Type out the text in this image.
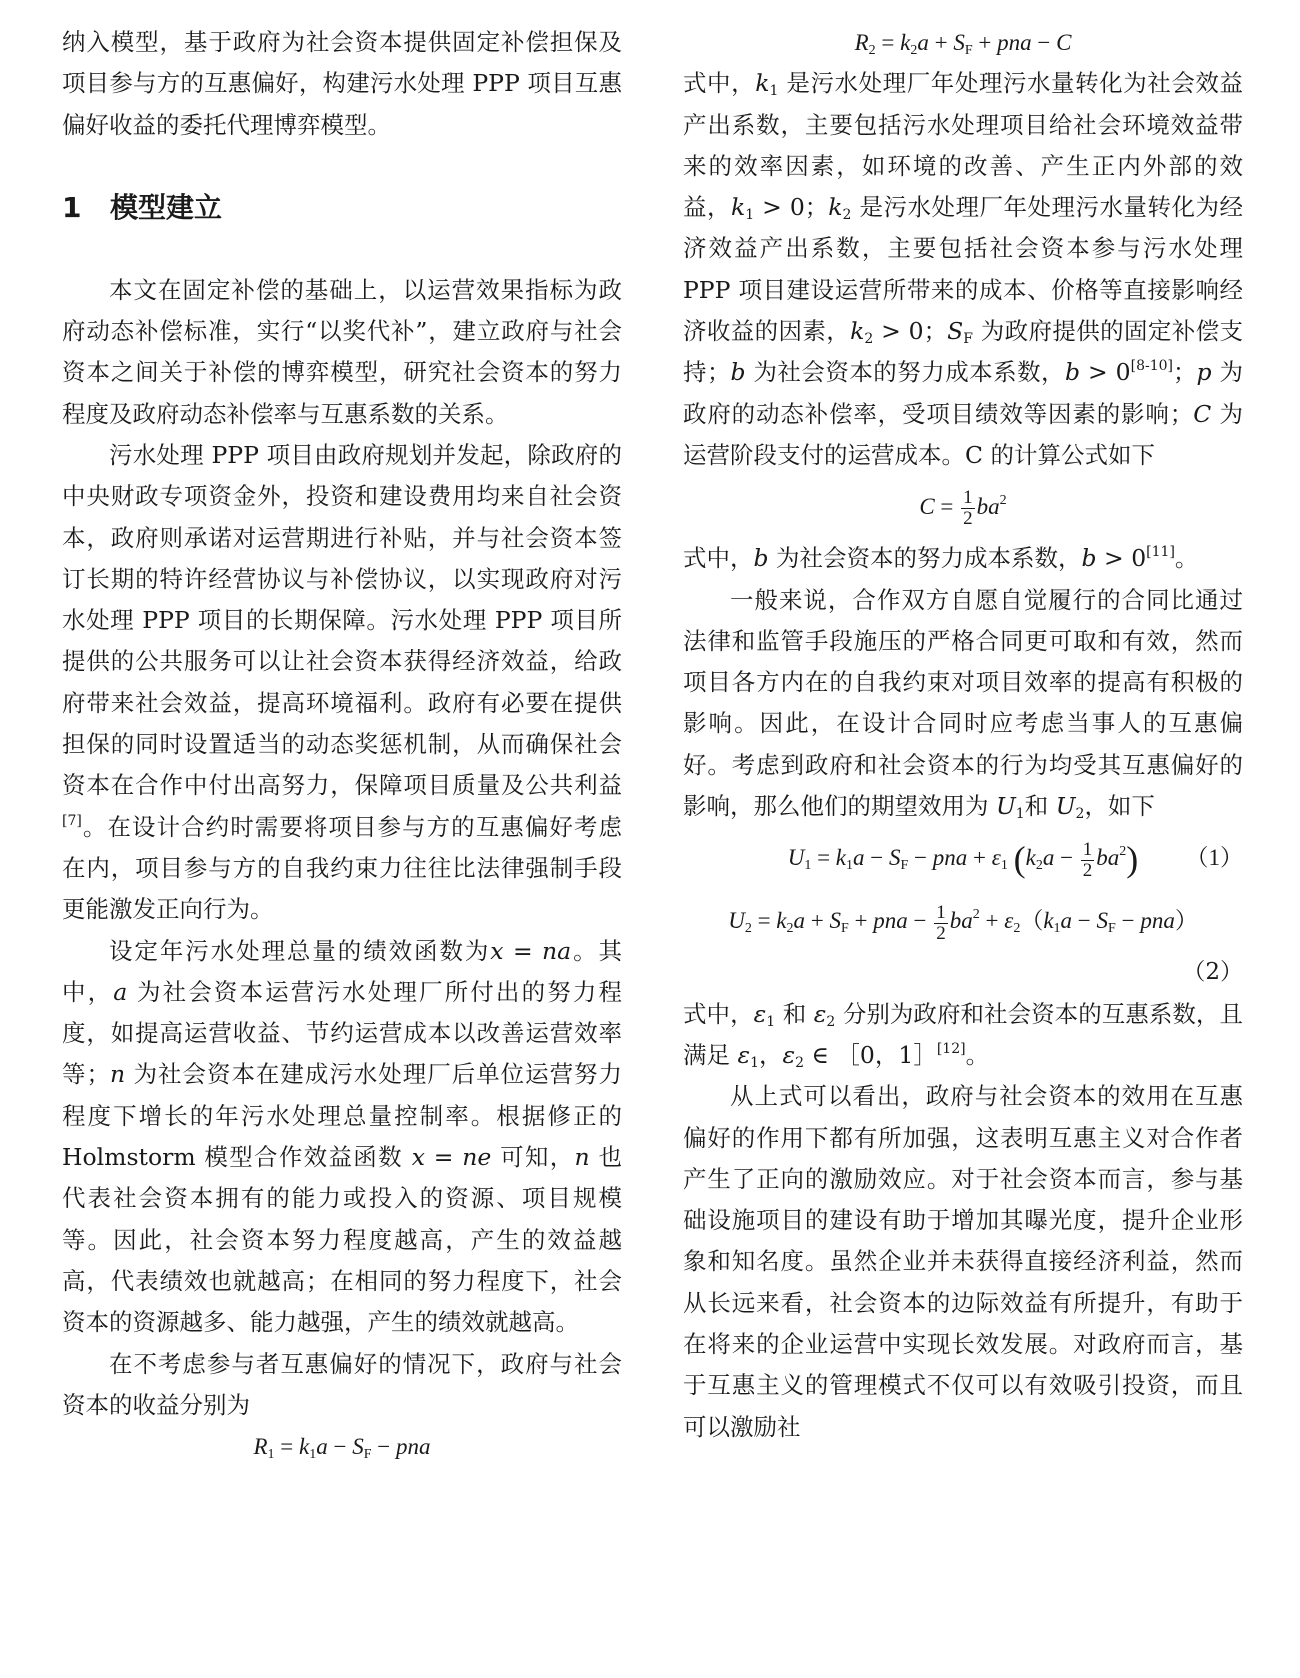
纳入模型，基于政府为社会资本提供固定补偿担保及项目参与方的互惠偏好，构建污水处理 PPP 项目互惠偏好收益的委托代理博弈模型。

1 模型建立

本文在固定补偿的基础上，以运营效果指标为政府动态补偿标准，实行“以奖代补”，建立政府与社会资本之间关于补偿的博弈模型，研究社会资本的努力程度及政府动态补偿率与互惠系数的关系。

污水处理 PPP 项目由政府规划并发起，除政府的中央财政专项资金外，投资和建设费用均来自社会资本，政府则承诺对运营期进行补贴，并与社会资本签订长期的特许经营协议与补偿协议，以实现政府对污水处理 PPP 项目的长期保障。污水处理 PPP 项目所提供的公共服务可以让社会资本获得经济效益，给政府带来社会效益，提高环境福利。政府有必要在提供担保的同时设置适当的动态奖惩机制，从而确保社会资本在合作中付出高努力，保障项目质量及公共利益[7]。在设计合约时需要将项目参与方的互惠偏好考虑在内，项目参与方的自我约束力往往比法律强制手段更能激发正向行为。

设定年污水处理总量的绩效函数为x = na。其中，a 为社会资本运营污水处理厂所付出的努力程度，如提高运营收益、节约运营成本以改善运营效率等；n 为社会资本在建成污水处理厂后单位运营努力程度下增长的年污水处理总量控制率。根据修正的 Holmstorm 模型合作效益函数 x = ne 可知，n 也代表社会资本拥有的能力或投入的资源、项目规模等。因此，社会资本努力程度越高，产生的效益越高，代表绩效也就越高；在相同的努力程度下，社会资本的资源越多、能力越强，产生的绩效就越高。

在不考虑参与者互惠偏好的情况下，政府与社会资本的收益分别为

$R_1 = k_1a - S_F$ − pna
$R_2 = k_2a + S_F$ + pna − C

式中，$k_1$ 是污水处理厂年处理污水量转化为社会效益产出系数，主要包括污水处理项目给社会环境效益带来的效率因素，如环境的改善、产生正内外部的效益，$k_1 > 0$；$k_2$ 是污水处理厂年处理污水量转化为经济效益产出系数，主要包括社会资本参与污水处理 PPP 项目建设运营所带来的成本、价格等直接影响经济收益的因素，$k_2 > 0$；$S_F$ 为政府提供的固定补偿支持；b 为社会资本的努力成本系数，b > 0[8-10]；p 为政府的动态补偿率，受项目绩效等因素的影响；C 为运营阶段支付的运营成本。C 的计算公式如下

$C = \frac{1}{2} ba^2$

式中，b 为社会资本的努力成本系数，b > 0[11]。

一般来说，合作双方自愿自觉履行的合同比通过法律和监管手段施压的严格合同更可取和有效，然而项目各方内在的自我约束对项目效率的提高有积极的影响。因此，在设计合同时应考虑当事人的互惠偏好。考虑到政府和社会资本的行为均受其互惠偏好的影响，那么他们的期望效用为 $U_1$和 $U_2$，如下

$U_1 = k_1a - S_F$ − pna + $\varepsilon_1$ $(k_2a - \frac{1}{2} ba^2)$ （1）
$U_2 = k_2a + S_F$ + pna − $\frac{1}{2} ba^2 + \varepsilon_2(k_1a - S_F - pna)$
（2）

式中，$\varepsilon_1$ 和 $\varepsilon_2$ 分别为政府和社会资本的互惠系数，且满足 $\varepsilon_1$，$\varepsilon_2$ ∈ ［0，1］[12]。

从上式可以看出，政府与社会资本的效用在互惠偏好的作用下都有所加强，这表明互惠主义对合作者产生了正向的激励效应。对于社会资本而言，参与基础设施项目的建设有助于增加其曝光度，提升企业形象和知名度。虽然企业并未获得直接经济利益，然而从长远来看，社会资本的边际效益有所提升，有助于在将来的企业运营中实现长效发展。对政府而言，基于互惠主义的管理模式不仅可以有效吸引投资，而且可以激励社
